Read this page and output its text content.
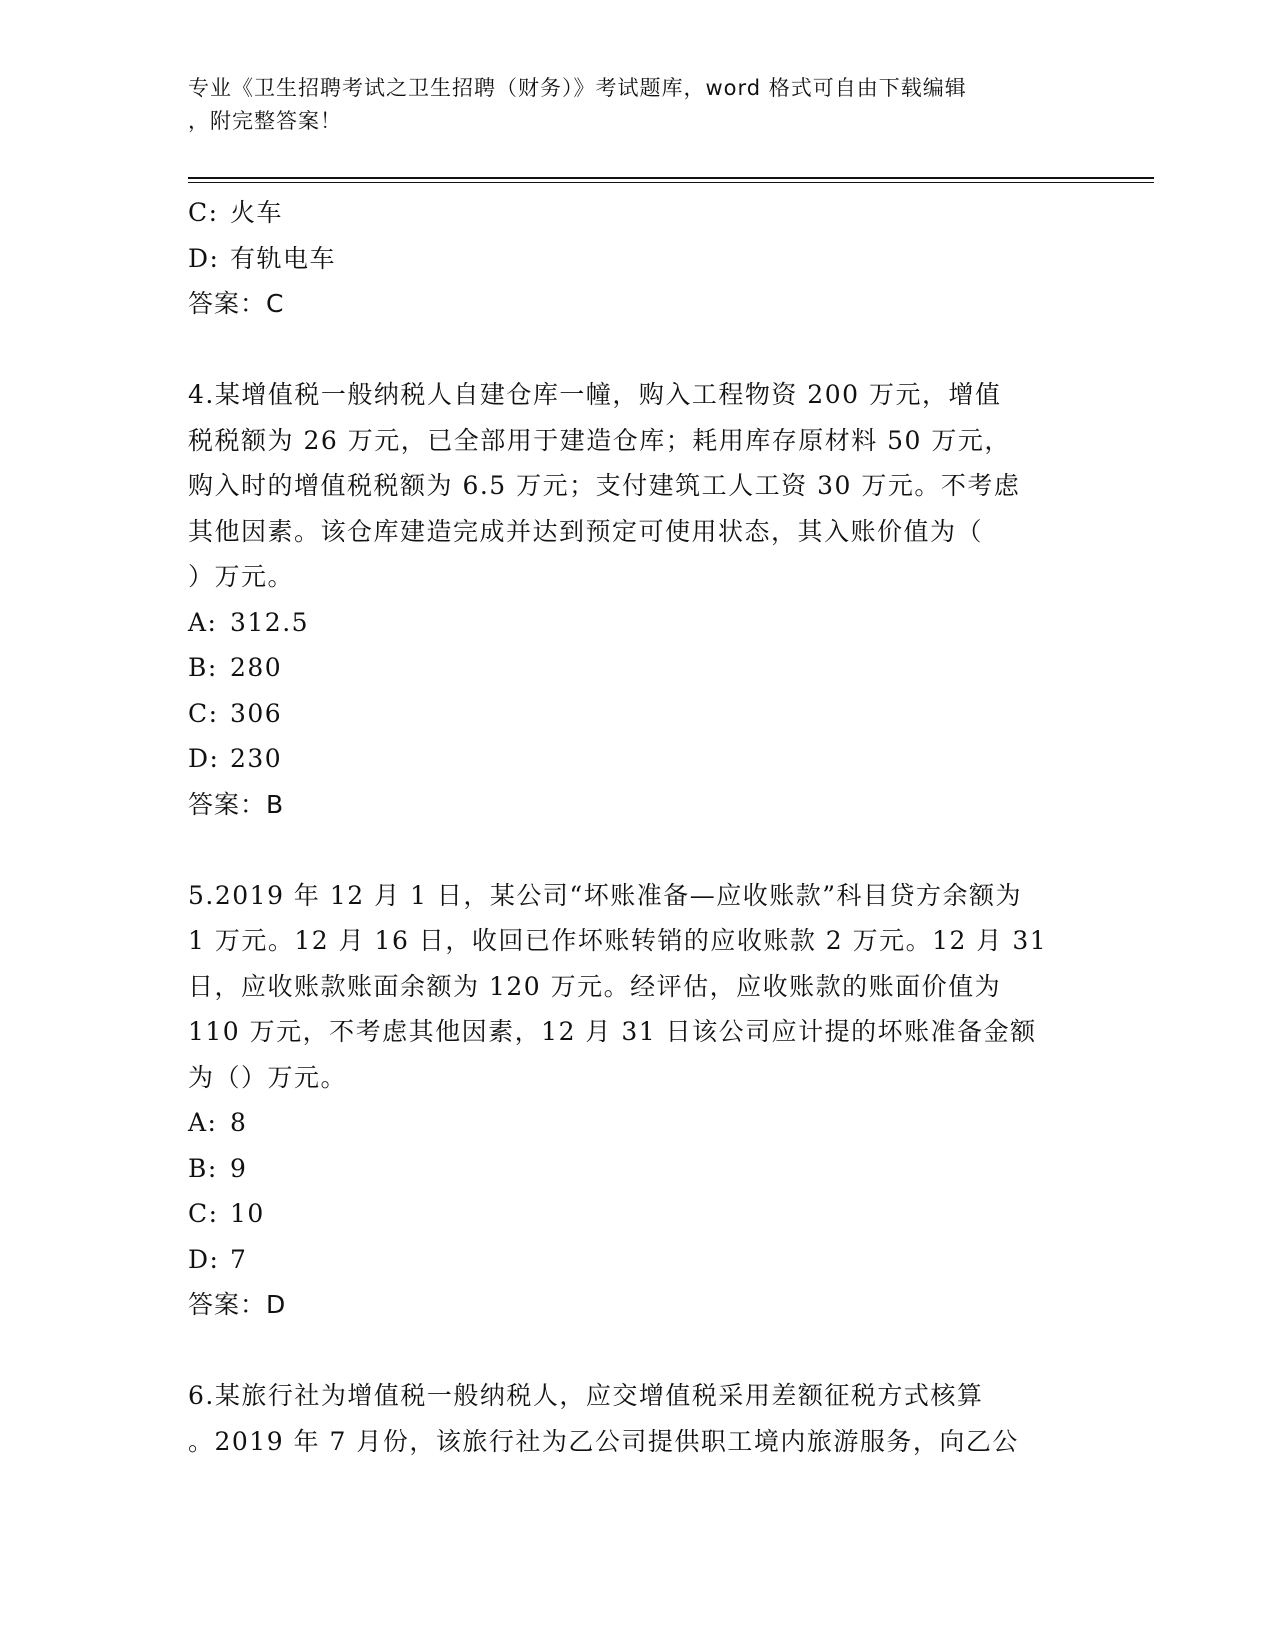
专业《卫生招聘考试之卫生招聘（财务）》考试题库，word 格式可自由下载编辑
，附完整答案！
C: 火车
D: 有轨电车
答案：C
4.某增值税一般纳税人自建仓库一幢，购入工程物资 200 万元，增值
税税额为 26 万元，已全部用于建造仓库；耗用库存原材料 50 万元，
购入时的增值税税额为 6.5 万元；支付建筑工人工资 30 万元。不考虑
其他因素。该仓库建造完成并达到预定可使用状态，其入账价值为（
）万元。
A: 312.5
B: 280
C: 306
D: 230
答案：B
5.2019 年 12 月 1 日，某公司“坏账准备—应收账款”科目贷方余额为
1 万元。12 月 16 日，收回已作坏账转销的应收账款 2 万元。12 月 31
日，应收账款账面余额为 120 万元。经评估，应收账款的账面价值为
110 万元，不考虑其他因素，12 月 31 日该公司应计提的坏账准备金额
为（）万元。
A: 8
B: 9
C: 10
D: 7
答案：D
6.某旅行社为增值税一般纳税人，应交增值税采用差额征税方式核算
。2019 年 7 月份，该旅行社为乙公司提供职工境内旅游服务，向乙公
